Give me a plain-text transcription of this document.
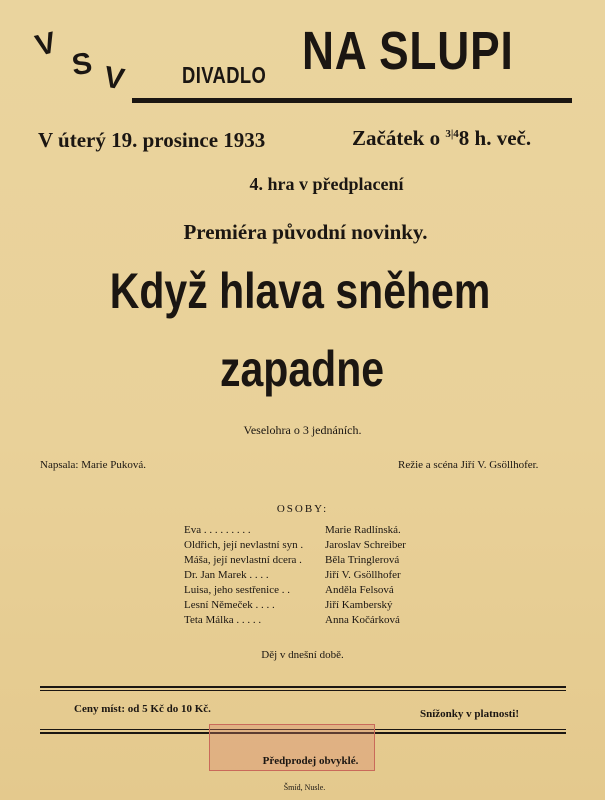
V
S V DIVADLO NA SLUPI
V úterý 19. prosince 1933	Začátek o $^{3|4}$8 h. več.
4. hra v předplacení
Premiéra původní novinky.
Když hlava sněhem
zapadne
Veselohra o 3 jednáních.
Napsala: Marie Puková.	Režie a scéna Jiří V. Gsöllhofer.
OSOBY:
Eva . . . . . . . . .	Marie Radlínská.
Oldřich, její nevlastní syn . Jaroslav Schreiber
Máša, její nevlastní dcera . Běla Tringlerová
Dr. Jan Marek . . . .	Jiří V. Gsöllhofer
Luisa, jeho sestřenice . .	Anděla Felsová
Lesní Němeček . . . .	Jiří Kamberský
Teta Málka . . . . .	Anna Kočárková
Děj v dnešní době.
Ceny míst: od 5 Kč do 10 Kč.	Snížonky v platnosti!
Předprodej obvyklé.
Šmíd, Nusle.
